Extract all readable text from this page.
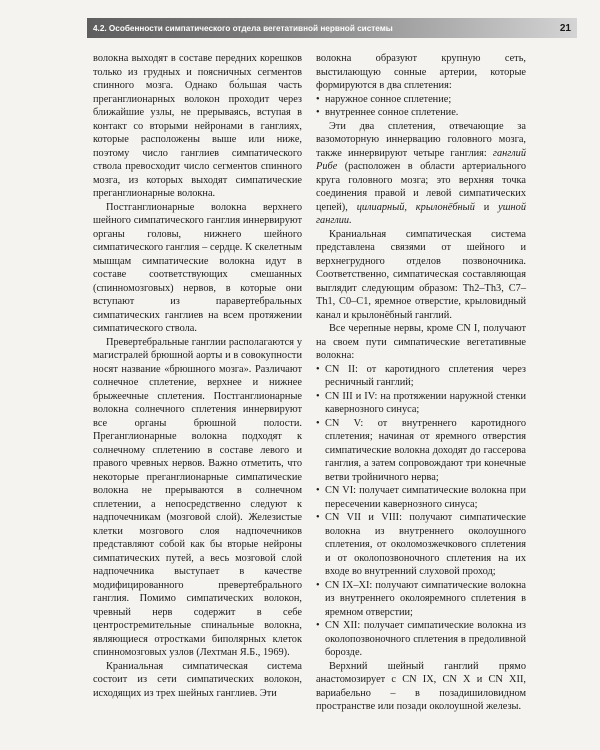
4.2. Особенности симпатического отдела вегетативной нервной системы	21

волокна выходят в составе передних корешков только из грудных и поясничных сегментов спинного мозга. Однако бо́льшая часть преганглионарных волокон проходит через ближайшие узлы, не прерываясь, вступая в контакт со вторыми нейронами в ганглиях, которые расположены выше или ниже, поэтому число ганглиев симпатического ствола превосходит число сегментов спинного мозга, из которых выходят симпатические преганглионарные волокна.

Постганглионарные волокна верхнего шейного симпатического ганглия иннервируют органы головы, нижнего шейного симпатического ганглия – сердце. К скелетным мышцам симпатические волокна идут в составе соответствующих смешанных (спинномозговых) нервов, в которые они вступают из паравертебральных симпатических ганглиев на всем протяжении симпатического ствола.

Превертебральные ганглии располагаются у магистралей брюшной аорты и в совокупности носят название «брюшного мозга». Различают солнечное сплетение, верхнее и нижнее брыжеечные сплетения. Постганглионарные волокна солнечного сплетения иннервируют все органы брюшной полости. Преганглионарные волокна подходят к солнечному сплетению в составе левого и правого чревных нервов. Важно отметить, что некоторые преганглионарные симпатические волокна не прерываются в солнечном сплетении, а непосредственно следуют к надпочечникам (мозговой слой). Железистые клетки мозгового слоя надпочечников представляют собой как бы вторые нейроны симпатических путей, а весь мозговой слой надпочечника выступает в качестве модифицированного превертебрального ганглия. Помимо симпатических волокон, чревный нерв содержит в себе центростремительные спинальные волокна, являющиеся отростками биполярных клеток спинномозговых узлов (Лехтман Я.Б., 1969).

Краниальная симпатическая система состоит из сети симпатических волокон, исходящих из трех шейных ганглиев. Эти

волокна образуют крупную сеть, выстилающую сонные артерии, которые формируются в два сплетения:

• наружное сонное сплетение;
• внутреннее сонное сплетение.

Эти два сплетения, отвечающие за вазомоторную иннервацию головного мозга, также иннервируют четыре ганглия: ганглий Рибе (расположен в области артериального круга головного мозга; это верхняя точка соединения правой и левой симпатических цепей), цилиарный, крылонёбный и ушной ганглии.

Краниальная симпатическая система представлена связями от шейного и верхнегрудного отделов позвоночника. Соответственно, симпатическая составляющая выглядит следующим образом: Th2–Th3, C7–Th1, C0–C1, яремное отверстие, крыловидный канал и крылонёбный ганглий.

Все черепные нервы, кроме CN I, получают на своем пути симпатические вегетативные волокна:

• CN II: от каротидного сплетения через ресничный ганглий;
• CN III и IV: на протяжении наружной стенки кавернозного синуса;
• CN V: от внутреннего каротидного сплетения; начиная от яремного отверстия симпатические волокна доходят до гассерова ганглия, а затем сопровождают три конечные ветви тройничного нерва;
• CN VI: получает симпатические волокна при пересечении кавернозного синуса;
• CN VII и VIII: получают симпатические волокна из внутреннего околоушного сплетения, от околомозжечкового сплетения и от околопозвоночного сплетения на их входе во внутренний слуховой проход;
• CN IX–XI: получают симпатические волокна из внутреннего околояремного сплетения в яремном отверстии;
• CN XII: получает симпатические волокна из околопозвоночного сплетения в предоливной борозде.

Верхний шейный ганглий прямо анастомозирует с CN IX, CN X и CN XII, вариабельно – в позадишиловидном пространстве или позади околоушной железы.
